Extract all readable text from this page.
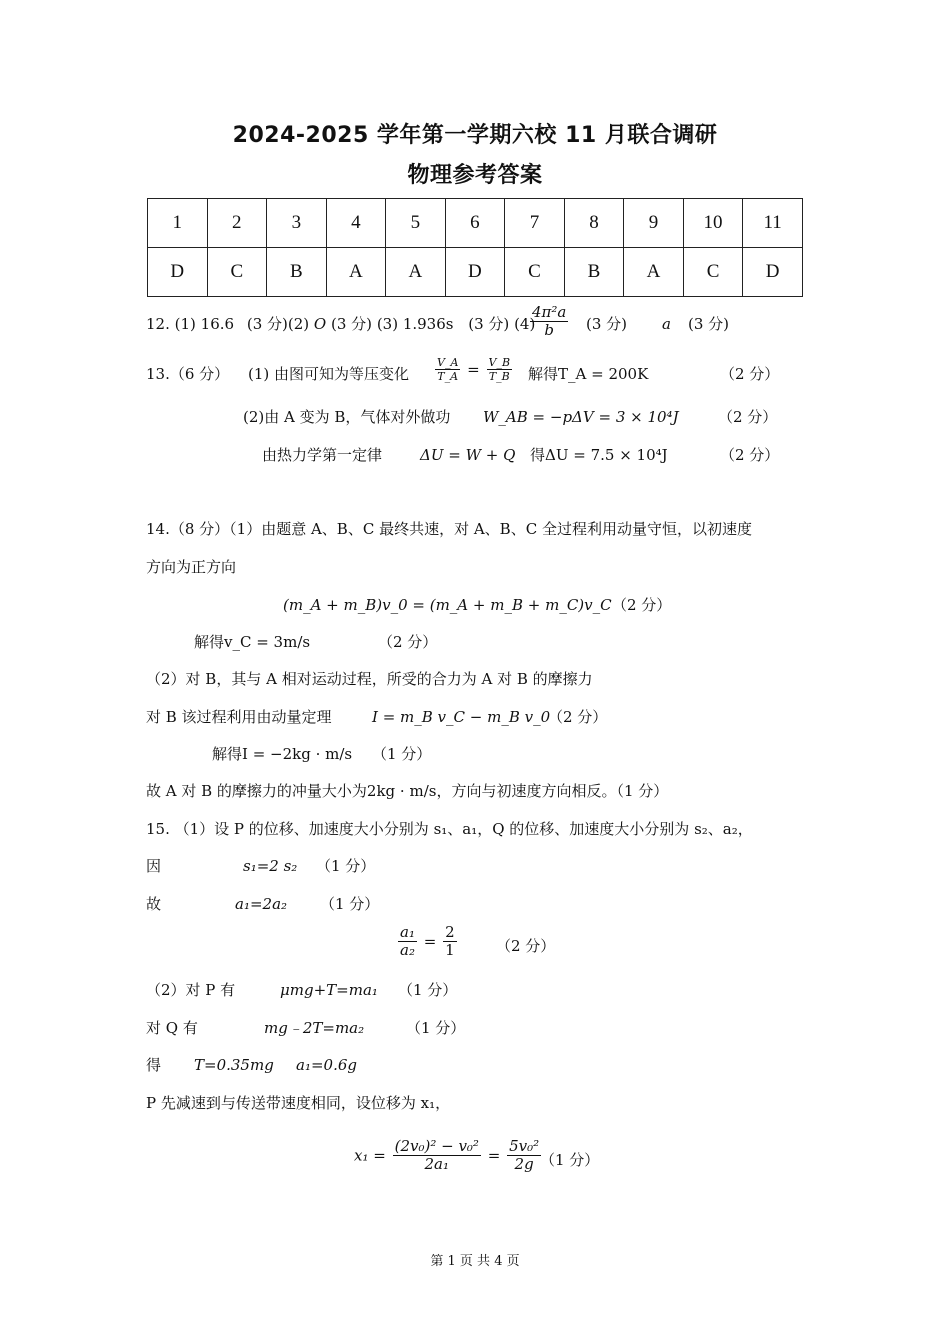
2024-2025 学年第一学期六校 11 月联合调研
物理参考答案
1	2	3	4	5	6	7	8	9	10	11
D	C	B	A	A	D	C	B	A	C	D
12. (1) 16.6 (3 分)(2) O (3 分) (3) 1.936s (3 分) (4)
$\frac{\text{4π²a}}{b} (3$ 分) a (3 分)
13.（6 分） (1) 由图可知为等压变化 $\frac{V\_A}{T\_A} = \frac{V\_B}{T\_B}$ 解得T_A = 200K	（2 分）
(2)由 A 变为 B，气体对外做功 W_AB = −pΔV = 3 × 10⁴J	（2 分）
由热力学第一定律	ΔU = W + Q 得ΔU = 7.5 × 10⁴J	（2 分）
14.（8 分）（1）由题意 A、B、C 最终共速，对 A、B、C 全过程利用动量守恒，以初速度
方向为正方向
(m_A + m_B)v_0 = (m_A + m_B + m_C)v_C （2 分）
解得v_C = 3m/s	（2 分）
（2）对 B，其与 A 相对运动过程，所受的合力为 A 对 B 的摩擦力
对 B 该过程利用由动量定理	I = m_B v_C − m_B v_0
（2 分）
解得I = −2kg · m/s （1 分）
故 A 对 B 的摩擦力的冲量大小为2kg · m/s，方向与初速度方向相反。（1 分）
15. （1）设 P 的位移、加速度大小分别为 s₁、a₁，Q 的位移、加速度大小分别为 s₂、a₂，
因	s₁=2 s₂ （1 分）
故	a₁=2a₂ （1 分）
$\frac{\text{a₁}}{\text{a₂}} = \frac{2}{1}$	（2 分）
（2）对 P 有	μmg+T=ma₁ （1 分）
对 Q 有	mg﹣2T=ma₂	（1 分）
得 T=0.35mg a₁=0.6g
P 先减速到与传送带速度相同，设位移为 x₁，
$x_1 = \frac{\text{(2v₀)² − v₀²}}{\text{2a₁}} = \frac{\text{5v₀²}}{2g}$
（1 分）
第 1 页 共 4 页
